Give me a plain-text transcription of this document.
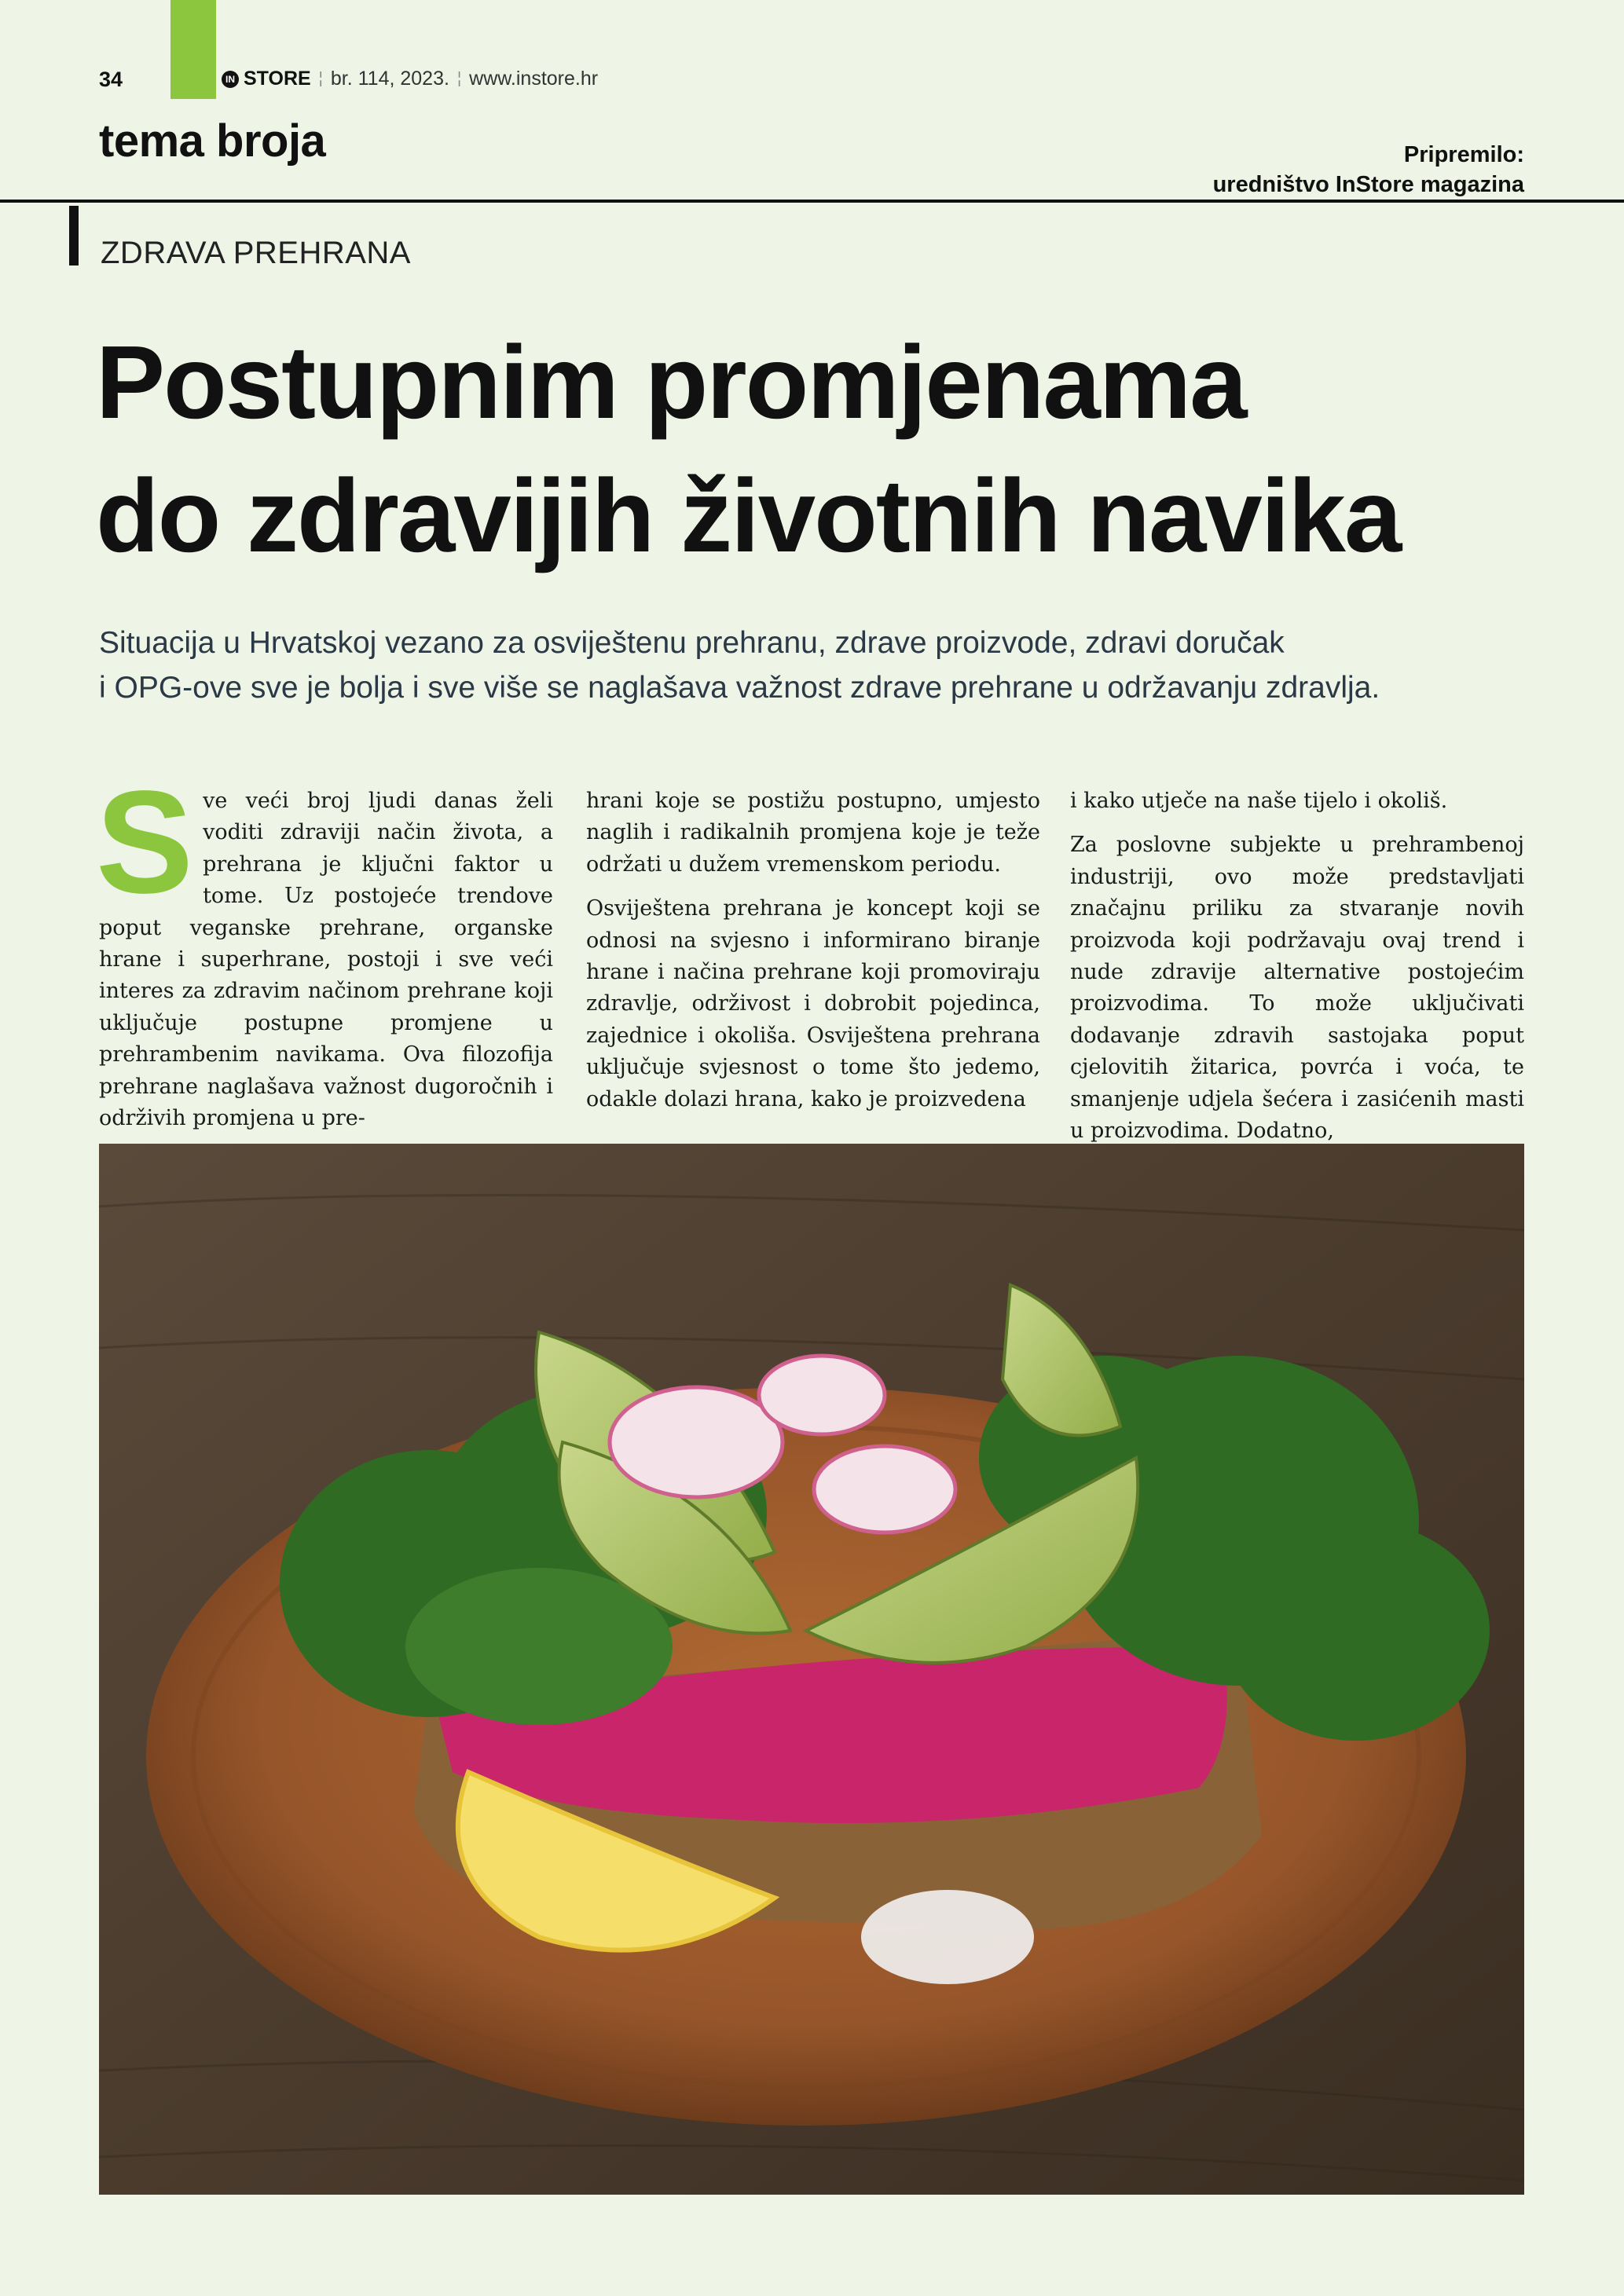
34	IN STORE ¦ br. 114, 2023. ¦ www.instore.hr
tema broja	Pripremilo:
uredništvo InStore magazina
ZDRAVA PREHRANA
Postupnim promjenama
do zdravijih životnih navika

Situacija u Hrvatskoj vezano za osviještenu prehranu, zdrave proizvode, zdravi doručak
i OPG-ove sve je bolja i sve više se naglašava važnost zdrave prehrane u održavanju zdravlja.

Sve veći broj ljudi danas želi voditi zdraviji način života, a prehrana je ključni faktor u tome. Uz postojeće trendove poput veganske prehrane, organske hrane i superhrane, postoji i sve veći interes za zdravim načinom prehrane koji uključuje postupne promjene u prehrambenim navikama. Ova filozofija prehrane naglašava važnost dugoročnih i održivih promjena u pre-

hrani koje se postižu postupno, umjesto naglih i radikalnih promjena koje je teže održati u dužem vremenskom periodu.

Osviještena prehrana je koncept koji se odnosi na svjesno i informirano biranje hrane i načina prehrane koji promoviraju zdravlje, održivost i dobrobit pojedinca, zajednice i okoliša. Osviještena prehrana uključuje svjesnost o tome što jedemo, odakle dolazi hrana, kako je proizvedena

i kako utječe na naše tijelo i okoliš.

Za poslovne subjekte u prehrambenoj industriji, ovo može predstavljati značajnu priliku za stvaranje novih proizvoda koji podržavaju ovaj trend i nude zdravije alternative postojećim proizvodima. To može uključivati dodavanje zdravih sastojaka poput cjelovitih žitarica, povrća i voća, te smanjenje udjela šećera i zasićenih masti u proizvodima. Dodatno,
